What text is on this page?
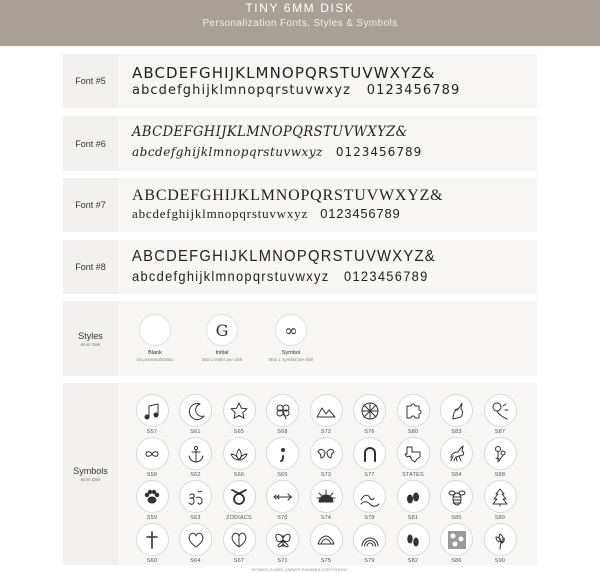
TINY 6MM DISK
Personalization Fonts, Styles & Symbols
Font #5	ABCDEFGHIJKLMNOPQRSTUVWXYZ&
abcdefghijklmnopqrstuvwxyz 0123456789
Font #6
ABCDEFGHIJKLMNOPQRSTUVWXYZ&
abcdefghijklmnopqrstuvwxyz 0123456789
Font #7
ABCDEFGHIJKLMNOPQRSTUVWXYZ&
abcdefghijklmnopqrstuvwxyz 0123456789
Font #8
ABCDEFGHIJKLMNOPQRSTUVWXYZ&
abcdefghijklmnopqrstuvwxyz 0123456789
Styles
6mm Disk
Blank
No personalization
G
Initial
Max 1 letter per disk
∞
Symbol
Max 1 symbol per disk
Symbols
6mm Disk
S57	S61	S65	S68	S72	S76	S80	S83	S87
S58	S62	S66	S69	S73	S77	STATES	S84	S88
S59	S63	ZODIACS	S70	S74	S78	S81	S85	S89
S60	S64	S67	S71	S75	S79	S82	S86	S90
SYMBOLS ARE UNDER RAHMEA COPYRIGHT
